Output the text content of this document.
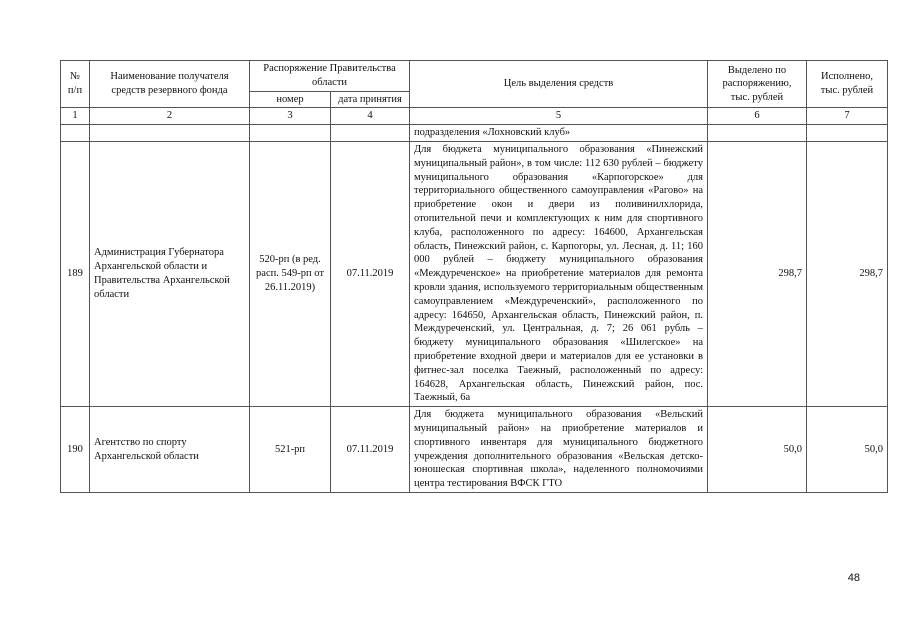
№ п/п	Наименование получателя средств резервного фонда	Распоряжение Правительства области		Цель выделения средств	Выделено по распоряжению, тыс. рублей	Исполнено, тыс. рублей
		номер	дата принятия			
1	2	3	4	5	6	7
				подразделения «Лохновский клуб»		
189	Администрация Губернатора Архангельской области и Правительства Архангельской области	520-рп (в ред. расп. 549-рп от 26.11.2019)	07.11.2019	Для бюджета муниципального образования «Пинежский муниципальный район», в том числе: 112 630 рублей – бюджету муниципального образования «Карпогорское» для территориального общественного самоуправления «Рагово» на приобретение окон и двери из поливинилхлорида, отопительной печи и комплектующих к ним для спортивного клуба, расположенного по адресу: 164600, Архангельская область, Пинежский район, с. Карпогоры, ул. Лесная, д. 11; 160 000 рублей – бюджету муниципального образования «Междуреченское» на приобретение материалов для ремонта кровли здания, используемого территориальным общественным самоуправлением «Междуреченский», расположенного по адресу: 164650, Архангельская область, Пинежский район, п. Междуреченский, ул. Центральная, д. 7; 26 061 рубль – бюджету муниципального образования «Шилегское» на приобретение входной двери и материалов для ее установки в фитнес-зал поселка Таежный, расположенный по адресу: 164628, Архангельская область, Пинежский район, пос. Таежный, 6а	298,7	298,7
190	Агентство по спорту Архангельской области	521-рп	07.11.2019	Для бюджета муниципального образования «Вельский муниципальный район» на приобретение материалов и спортивного инвентаря для муниципального бюджетного учреждения дополнительного образования «Вельская детско-юношеская спортивная школа», наделенного полномочиями центра тестирования ВФСК ГТО	50,0	50,0
48
